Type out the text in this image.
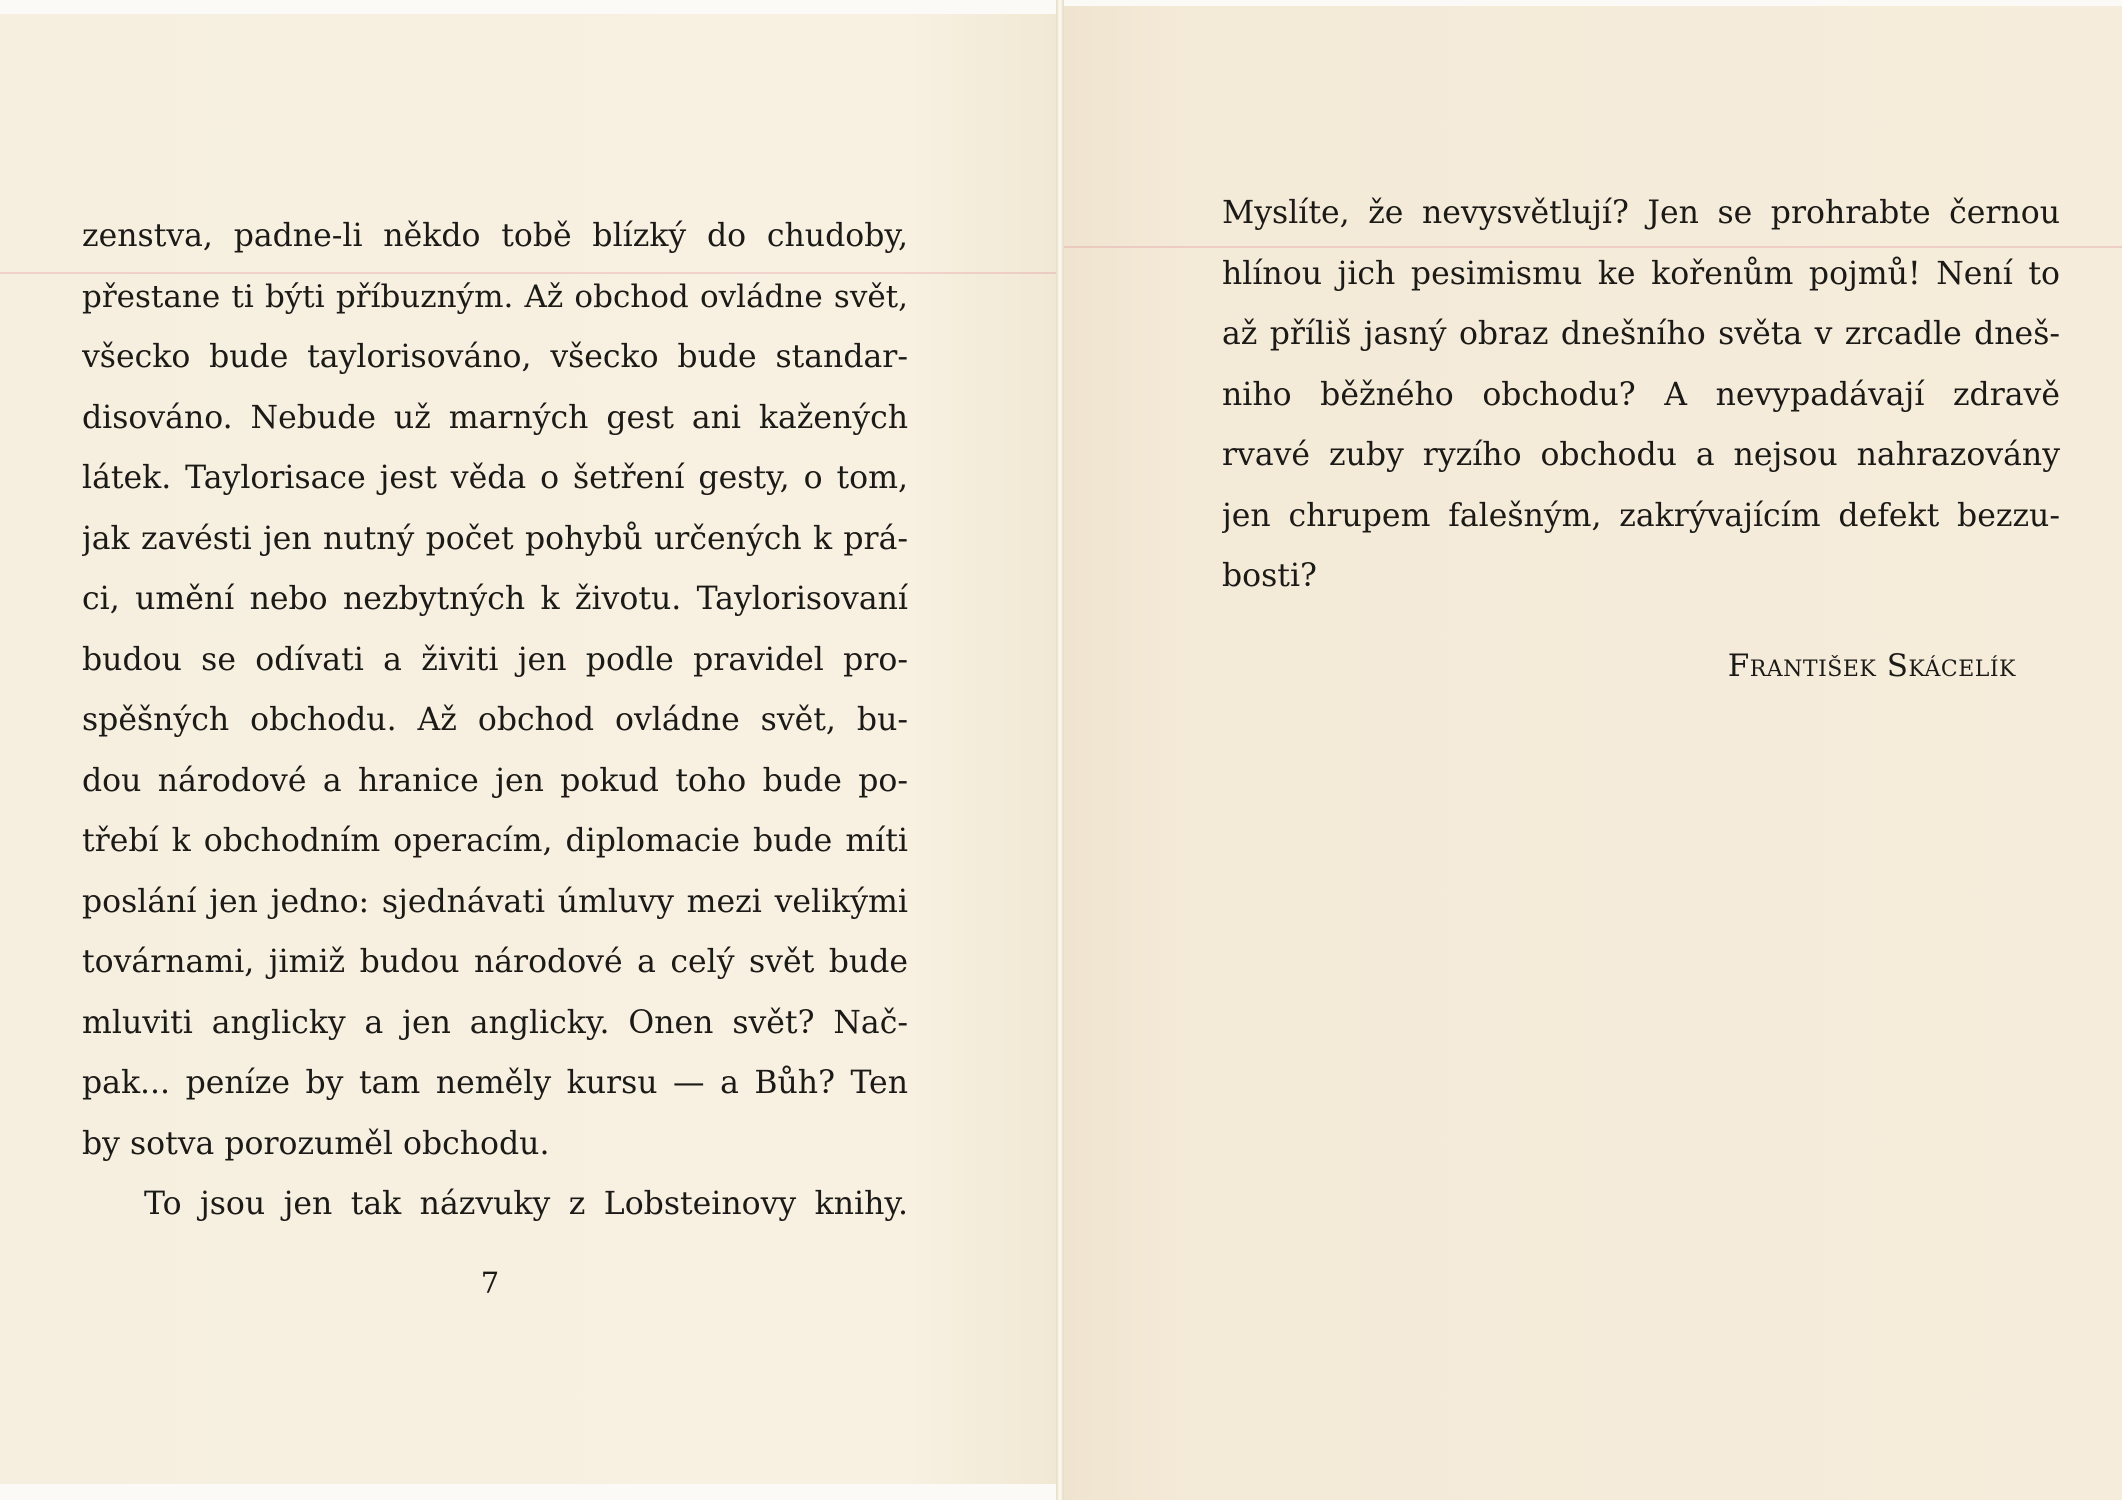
zenstva, padne-li někdo tobě blízký do chudoby,
přestane ti býti příbuzným. Až obchod ovládne svět,
všecko bude taylorisováno, všecko bude standar-
disováno. Nebude už marných gest ani kažených
látek. Taylorisace jest věda o šetření gesty, o tom,
jak zavésti jen nutný počet pohybů určených k prá-
ci, umění nebo nezbytných k životu. Taylorisovaní
budou se odívati a živiti jen podle pravidel pro-
spěšných obchodu. Až obchod ovládne svět, bu-
dou národové a hranice jen pokud toho bude po-
třebí k obchodním operacím, diplomacie bude míti
poslání jen jedno: sjednávati úmluvy mezi velikými
továrnami, jimiž budou národové a celý svět bude
mluviti anglicky a jen anglicky. Onen svět? Nač-
pak... peníze by tam neměly kursu — a Bůh? Ten
by sotva porozuměl obchodu.
To jsou jen tak názvuky z Lobsteinovy knihy.
7
Myslíte, že nevysvětlují? Jen se prohrabte černou
hlínou jich pesimismu ke kořenům pojmů! Není to
až příliš jasný obraz dnešního světa v zrcadle dneš-
niho běžného obchodu? A nevypadávají zdravě
rvavé zuby ryzího obchodu a nejsou nahrazovány
jen chrupem falešným, zakrývajícím defekt bezzu-
bosti?
František Skácelík
